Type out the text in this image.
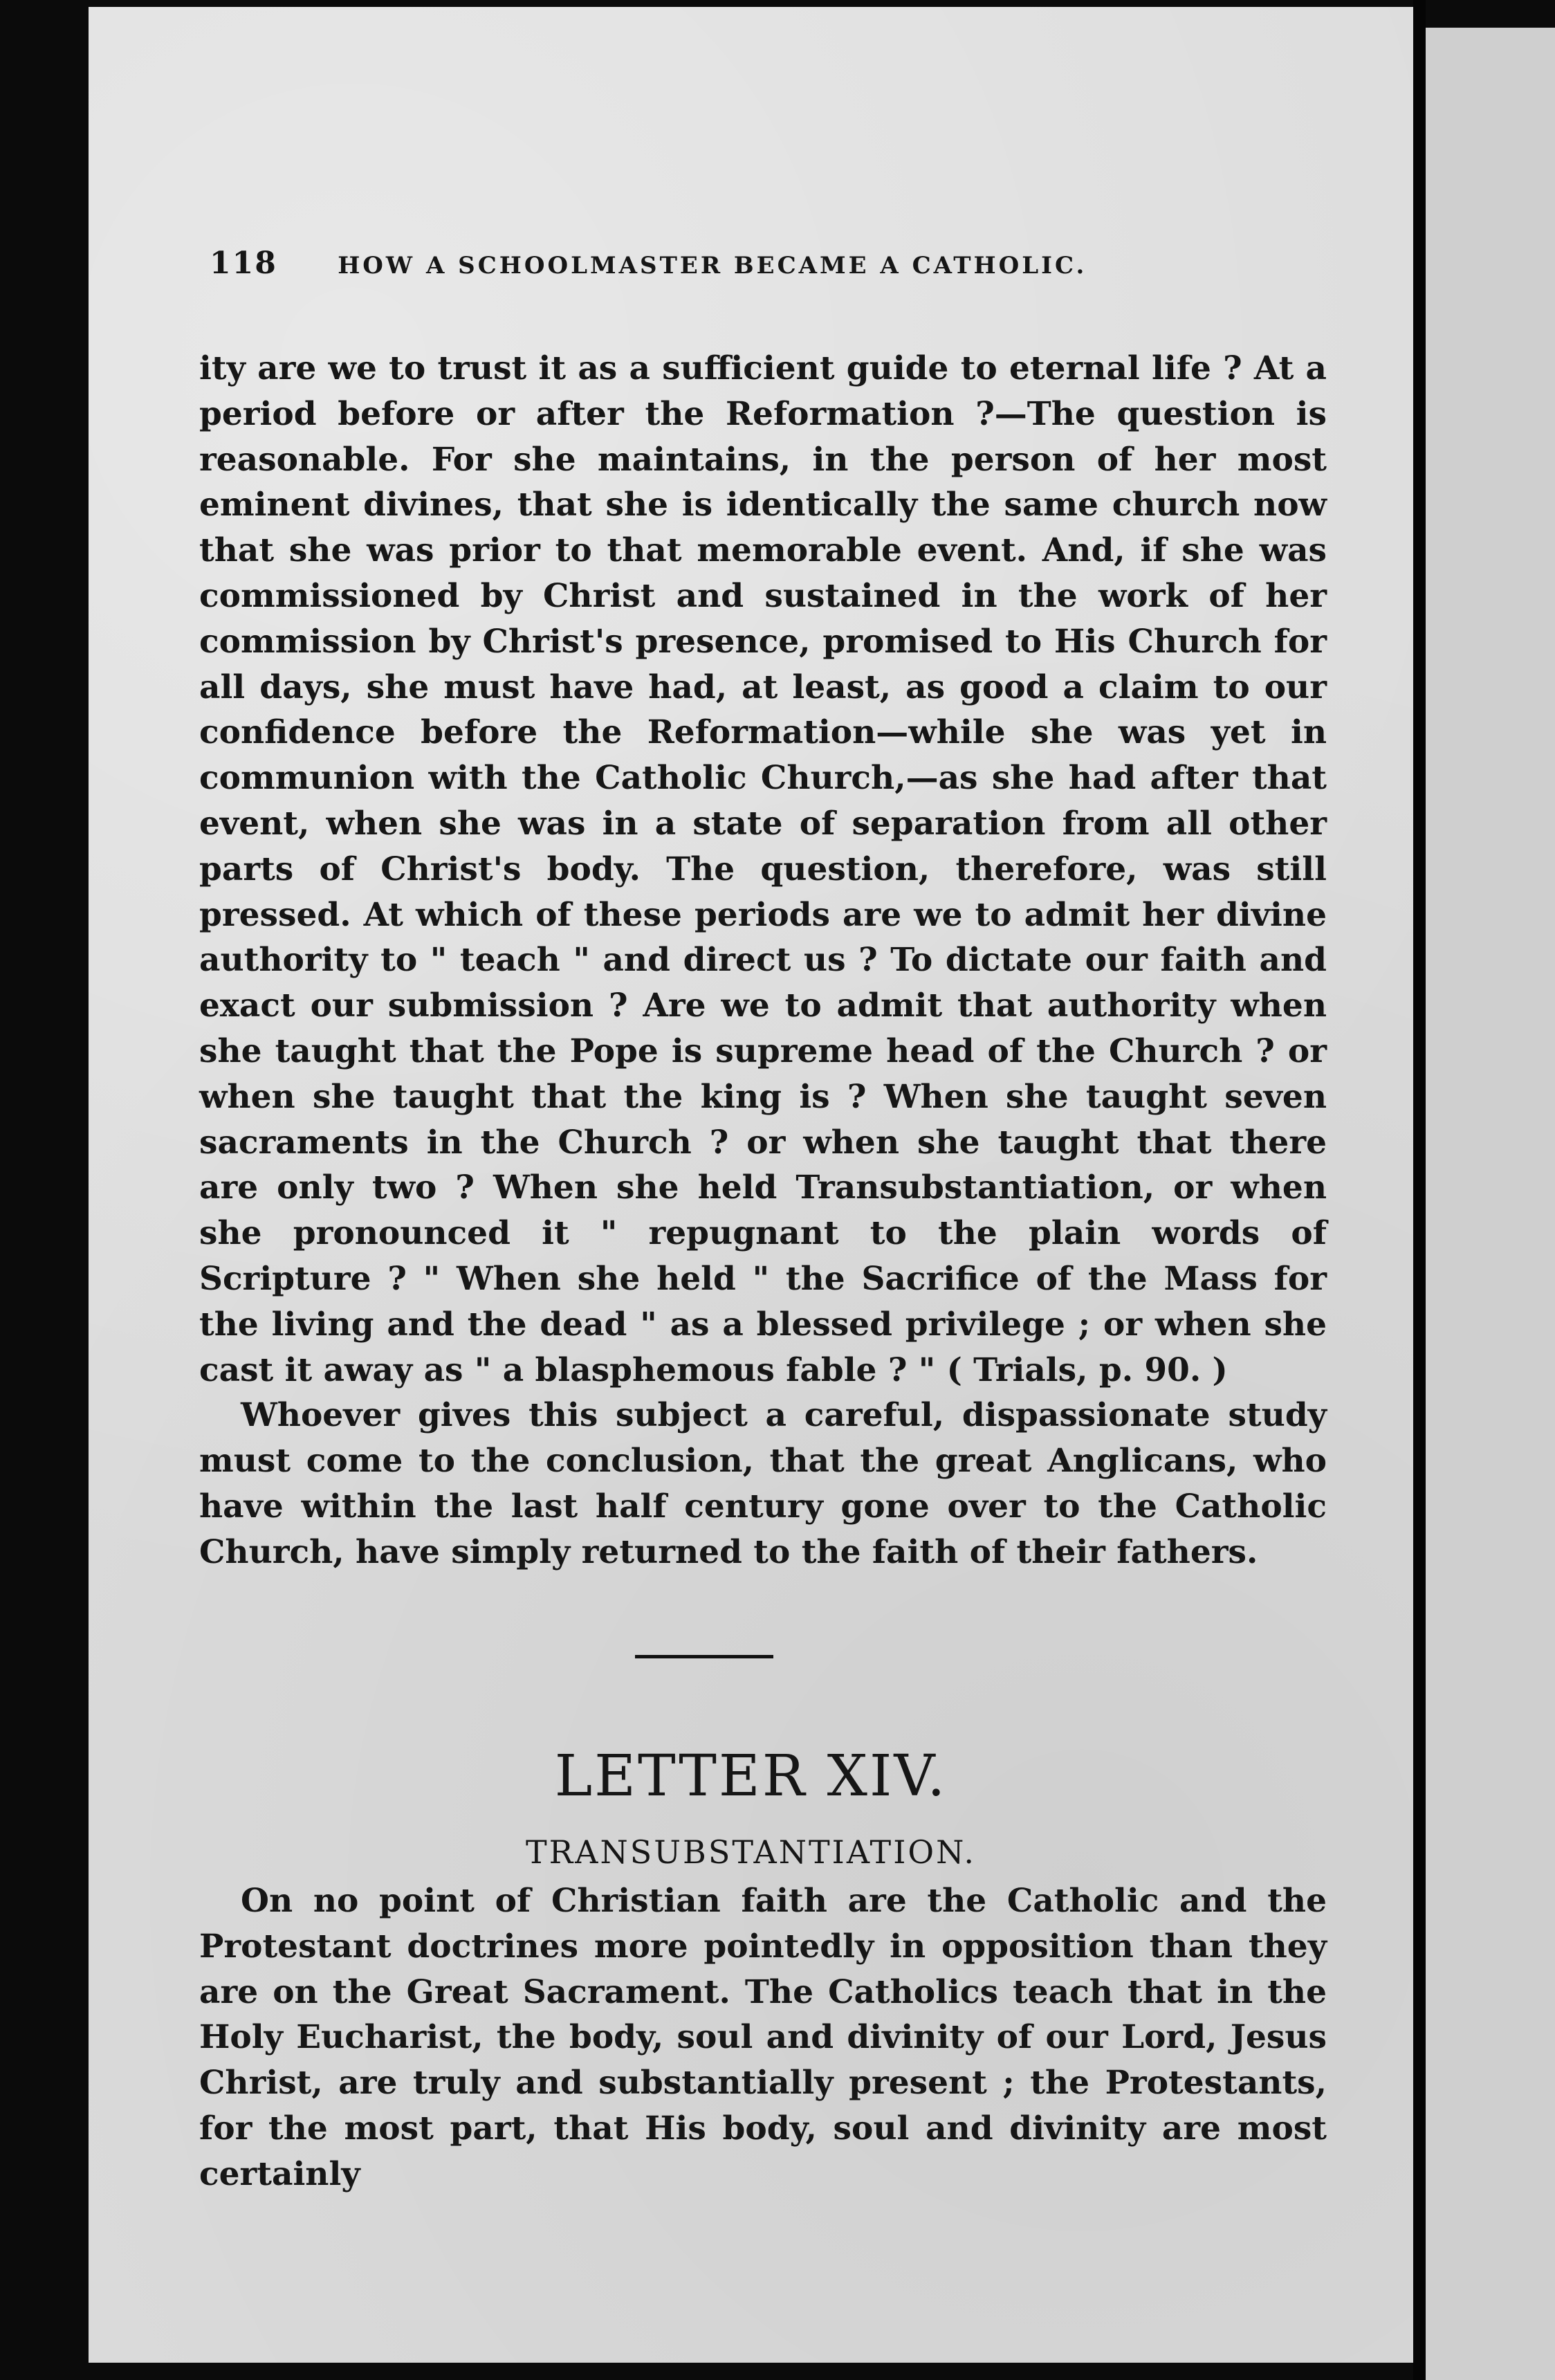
118	HOW A SCHOOLMASTER BECAME A CATHOLIC.

ity are we to trust it as a sufficient guide to eternal life ? At a period before or after the Reformation ?—The question is reasonable. For she maintains, in the person of her most eminent divines, that she is identically the same church now that she was prior to that memorable event. And, if she was commissioned by Christ and sustained in the work of her commission by Christ's presence, promised to His Church for all days, she must have had, at least, as good a claim to our confidence before the Reformation—while she was yet in communion with the Catholic Church,—as she had after that event, when she was in a state of separation from all other parts of Christ's body. The question, therefore, was still pressed. At which of these periods are we to admit her divine authority to " teach " and direct us ? To dictate our faith and exact our submission ? Are we to admit that authority when she taught that the Pope is supreme head of the Church ? or when she taught that the king is ? When she taught seven sacraments in the Church ? or when she taught that there are only two ? When she held Transubstantiation, or when she pronounced it " repugnant to the plain words of Scripture ? " When she held " the Sacrifice of the Mass for the living and the dead " as a blessed privilege ; or when she cast it away as " a blasphemous fable ? " ( Trials, p. 90. )

Whoever gives this subject a careful, dispassionate study must come to the conclusion, that the great Anglicans, who have within the last half century gone over to the Catholic Church, have simply returned to the faith of their fathers.

LETTER XIV.
TRANSUBSTANTIATION.

On no point of Christian faith are the Catholic and the Protestant doctrines more pointedly in opposition than they are on the Great Sacrament. The Catholics teach that in the Holy Eucharist, the body, soul and divinity of our Lord, Jesus Christ, are truly and substantially present ; the Protestants, for the most part, that His body, soul and divinity are most certainly
